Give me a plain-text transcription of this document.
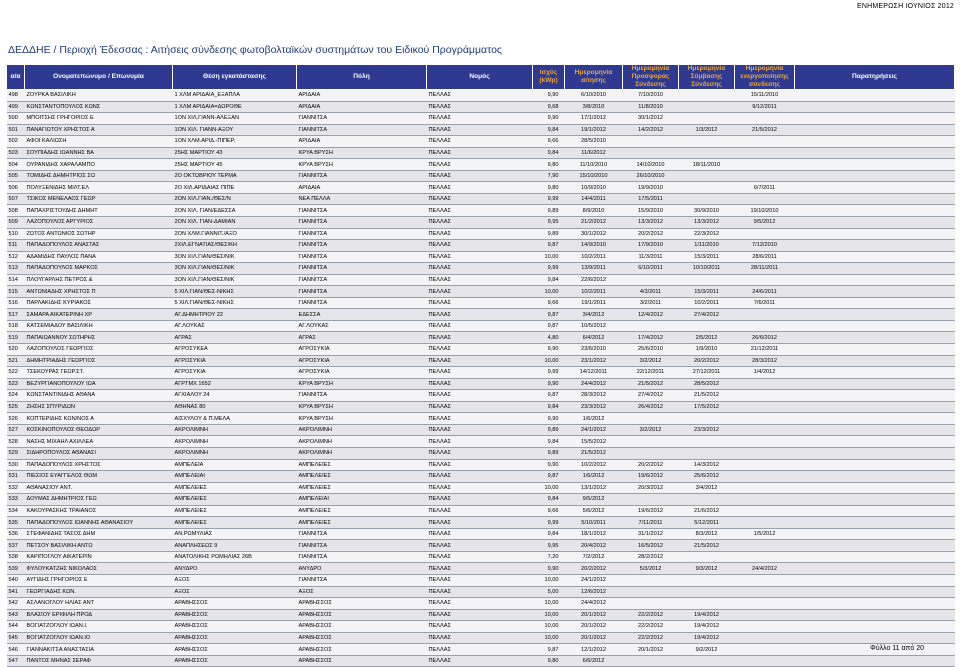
ΕΝΗΜΕΡΩΣΗ ΙΟΥΝΙΟΣ 2012
ΔΕΔΔΗΕ / Περιοχή Έδεσσας : Αιτήσεις σύνδεσης φωτοβολταϊκών συστημάτων του Ειδικού Προγράμματος
α/α	Ονοματεπώνυμο / Επωνυμία	Θέση εγκατάστασης	Πόλη	Νομός	Ισχύς (kWp)	Ημερομηνία αίτησης	Ημερομηνία Προσφοράς Σύνδεσης	Ημερομηνία Σύμβασης Σύνδεσης	Ημερομηνία ενεργοποίησης σύνδεσης	Παρατηρήσεις
498	ΖΟΥΡΚΑ ΒΑΣΙΛΙΚΗ	1 ΧΛΜ ΑΡΙΔΑΙΑ_ΕΞΑΠΛΑ	ΑΡΙΔΑΙΑ	ΠΕΛΛΑΣ	9,90	6/10/2010	7/10/2010		15/11/2010	
499	ΚΩΝΣΤΑΝΤΟΠΟΥΛΟΣ ΚΩΝΣ	1 ΧΛΜ ΑΡΙΔΑΙΑ=ΔΩΡΟΘΕ	ΑΡΙΔΑΙΑ	ΠΕΛΛΑΣ	9,68	3/8/2010	11/8/2010		9/12/2011	
500	ΜΠΟΙΤΣΗΣ ΓΡΗΓΟΡΙΟΣ Ε	1ΟΝ ΧΙΛ.ΓΙΑΝΝ-ΑΛΕΞΑΝ	ΓΙΑΝΝΙΤΣΑ	ΠΕΛΛΑΣ	9,90	17/1/2012	30/1/2012			
501	ΠΑΝΑΓΙΩΤΟΥ ΧΡΗΣΤΟΣ Α	1ΟΝ ΧΙΛ. ΓΙΑΝΝ-ΑΞΟΥ	ΓΙΑΝΝΙΤΣΑ	ΠΕΛΛΑΣ	9,84	19/1/2012	14/2/2012	1/3/2012	21/5/2012	
502	ΑΦΟΙ ΚΑΛΙΩΣΗ	1ΟΝ ΧΛΜ.ΑΡΙΔ.-ΠΙΠΕΡ.	ΑΡΙΔΑΙΑ	ΠΕΛΛΑΣ	9,66	28/5/2010				
503	ΣΟΥΠΙΑΔΗΣ ΙΩΑΝΝΗΣ ΒΑ	25ΗΣ ΜΑΡΤΙΟΥ 43	ΚΡΥΑ ΒΡΥΣΗ	ΠΕΛΛΑΣ	9,84	11/6/2012				
504	ΟΥΡΑΝΙΔΗΣ ΧΑΡΑΛΑΜΠΟ	25ΗΣ ΜΑΡΤΙΟΥ 45	ΚΡΥΑ ΒΡΥΣΗ	ΠΕΛΛΑΣ	9,80	11/10/2010	14/10/2010	18/11/2010		
505	ΤΟΜΙΔΗΣ ΔΗΜΗΤΡΙΟΣ ΣΩ	2Ο ΟΚΤΩΒΡΙΟΥ ΤΕΡΜΑ	ΓΙΑΝΝΙΤΣΑ	ΠΕΛΛΑΣ	7,90	15/10/2010	26/10/2010			
506	ΠΟΛΥΞΕΝΙΔΗΣ ΜΙΛΤ.ΕΛ	2Ο ΧΙΛ.ΑΡΙΔΑΙΑΣ ΠΙΠΕ	ΑΡΙΔΑΙΑ	ΠΕΛΛΑΣ	9,80	10/9/2010	19/9/2010		6/7/2011	
507	ΤΣΙΚΟΣ ΜΕΝΕΛΑΟΣ ΓΕΩΡ	2ΟΝ ΧΙΛ.ΓΙΑΝ./ΘΕΣ/Ν	ΝΕΑ ΠΕΛΛΑ	ΠΕΛΛΑΣ	9,99	14/4/2011	17/5/2011			
508	ΠΑΠΑΧΡΙΣΤΟΥΔΗΣ ΔΗΜΗΤ	2ΟΝ ΧΙΛ. ΓΙΑΝ/ΕΔΕΣΣΑ	ΓΙΑΝΝΙΤΣΑ	ΠΕΛΛΑΣ	9,89	8/9/2010	15/9/2010	30/9/2010	19/10/2010	
509	ΛΑΖΟΠΟΥΛΟΣ ΑΡΓΥΡΙΟΣ	2ΟΝ ΧΙΛ. ΓΙΑΝ-ΔΑΜΙΑΝ	ΓΙΑΝΝΙΤΣΑ	ΠΕΛΛΑΣ	9,95	21/2/2012	13/3/2012	13/3/2012	9/5/2012	
510	ΖΩΤΟΣ ΑΝΤΩΝΙΟΣ ΣΩΤΗΡ	2ΟΝ ΧΛΜ.ΓΙΑΝΝΙΤ./ΑΞΟ	ΓΙΑΝΝΙΤΣΑ	ΠΕΛΛΑΣ	9,89	30/1/2012	20/2/2012	22/3/2012		
511	ΠΑΠΑΔΟΠΟΥΛΟΣ ΑΝΑΣΤΑΣ	2ΧΙΛ.ΕΓΝΑΤΙΑΣ/ΘΕΣ/ΚΗ	ΓΙΑΝΝΙΤΣΑ	ΠΕΛΛΑΣ	9,87	14/9/2010	17/9/2010	1/11/2010	7/12/2010	
512	ΑΔΑΜΙΔΗΣ ΠΑΥΛΟΣ ΠΑΝΑ	3ΟΝ ΧΙΛ.ΓΙΑΝ/ΘΕΣ/ΝΙΚ	ΓΙΑΝΝΙΤΣΑ	ΠΕΛΛΑΣ	10,00	10/2/2011	11/3/2011	15/3/2011	28/6/2011	
513	ΠΑΠΑΔΟΠΟΥΛΟΣ ΜΑΡΚΟΣ	3ΟΝ ΧΙΛ.ΓΙΑΝ/ΘΕΣ/ΝΙΚ	ΓΙΑΝΝΙΤΣΑ	ΠΕΛΛΑΣ	9,99	13/9/2011	6/10/2011	10/10/2011	28/11/2011	
514	ΠΛΟΥΓΑΡΛΗΣ ΠΕΤΡΟΣ &	3ΟΝ ΧΙΛ.ΓΙΑΝ/ΘΕΣ/ΝΙΚ	ΓΙΑΝΝΙΤΣΑ	ΠΕΛΛΑΣ	9,84	22/6/2012				
515	ΑΝΤΩΝΙΑΔΗΣ ΧΡΗΣΤΟΣ Π	5 ΧΙΛ.ΓΙΑΝ/ΘΕΣ-ΝΙΚΗΣ	ΓΙΑΝΝΙΤΣΑ	ΠΕΛΛΑΣ	10,00	10/2/2011	4/3/2011	15/3/2011	24/6/2011	
516	ΠΑΡΛΑΚΙΔΗΣ ΚΥΡΙΑΚΟΣ	5 ΧΙΛ.ΓΙΑΝ/ΘΕΣ-ΝΙΚΗΣ	ΓΙΑΝΝΙΤΣΑ	ΠΕΛΛΑΣ	9,66	19/1/2011	3/2/2011	10/2/2011	7/6/2011	
517	ΣΑΜΑΡΑ ΑΙΚΑΤΕΡΙΝΗ ΧΡ	ΑΓ.ΔΗΜΗΤΡΙΟΥ 22	ΕΔΕΣΣΑ	ΠΕΛΛΑΣ	9,87	3/4/2012	12/4/2012	27/4/2012		
518	ΚΑΤΣΕΜΙΑΔΟΥ ΒΑΣΙΛΙΚΗ	ΑΓ.ΛΟΥΚΑΣ	ΑΓ.ΛΟΥΚΑΣ	ΠΕΛΛΑΣ	9,87	10/5/2012				
519	ΠΑΠΑΙΩΑΝΝΟΥ ΣΩΤΗΡΗΣ	ΑΓΡΑΣ	ΑΓΡΑΣ	ΠΕΛΛΑΣ	4,80	6/4/2012	17/4/2012	2/5/2012	26/6/2012	
520	ΛΑΖΟΠΟΥΛΟΣ ΓΕΩΡΓΙΟΣ	ΑΓΡΟΣΥΚΕΑ	ΑΓΡΟΣΥΚΙΑ	ΠΕΛΛΑΣ	9,90	23/6/2010	25/6/2010	1/9/2010	21/12/2011	
521	ΔΗΜΗΤΡΙΑΔΗΣ ΓΕΩΡΓΙΟΣ	ΑΓΡΟΣΥΚΙΑ	ΑΓΡΟΣΥΚΙΑ	ΠΕΛΛΑΣ	10,00	23/1/2012	3/2/2012	20/2/2012	28/3/2012	
522	ΤΣΕΚΟΥΡΑΣ ΓΕΩΡ.ΣΤ.	ΑΓΡΟΣΥΚΙΑ	ΑΓΡΟΣΥΚΙΑ	ΠΕΛΛΑΣ	9,99	14/12/2011	22/12/2011	27/12/2011	1/4/2012	
523	ΒΕΖΥΡΓΙΑΝΟΠΟΥΛΟΥ ΙΩΑ	ΑΓΡΤΜΧ 1652	ΚΡΥΑ ΒΡΥΣΗ	ΠΕΛΛΑΣ	9,90	24/4/2012	21/5/2012	28/5/2012		
524	ΚΩΝΣΤΑΝΤΙΝΙΔΗΣ ΑΘΑΝΑ	ΑΓΧΙΑΛΟΥ 24	ΓΙΑΝΝΙΤΣΑ	ΠΕΛΛΑΣ	9,87	28/3/2012	27/4/2012	21/5/2012		
525	ΖΗΣΗΣ ΣΠΥΡΙΔΩΝ	ΑΘΗΝΑΣ 80	ΚΡΥΑ ΒΡΥΣΗ	ΠΕΛΛΑΣ	9,84	23/3/2012	26/4/2012	17/5/2012		
526	ΚΟΠΤΕΡΙΔΗΣ ΚΩΝ/ΝΟΣ Α	ΑΙΣΧΥΛΟΥ & Π.ΜΕΛΑ	ΚΡΥΑ ΒΡΥΣΗ	ΠΕΛΛΑΣ	9,90	1/6/2012				
527	ΚΟΣΚΙΝΟΠΟΥΛΟΣ ΘΕΟΔΩΡ	ΑΚΡΟΛΙΜΝΗ	ΑΚΡΟΛΙΜΝΗ	ΠΕΛΛΑΣ	9,89	24/1/2012	3/2/2012	23/3/2012		
528	ΝΑΣΗΣ ΜΙΧΑΗΛ ΑΧΙΛΛΕΑ	ΑΚΡΟΛΙΜΝΗ	ΑΚΡΟΛΙΜΝΗ	ΠΕΛΛΑΣ	9,84	15/5/2012				
529	ΣΙΔΗΡΟΠΟΥΛΟΣ ΑΘΑΝΑΣΙ	ΑΚΡΟΛΙΜΝΗ	ΑΚΡΟΛΙΜΝΗ	ΠΕΛΛΑΣ	9,89	21/5/2012				
530	ΠΑΠΑΔΟΠΟΥΛΟΣ ΧΡΗΣΤΟΣ	ΑΜΠΕΛΕΙΑ	ΑΜΠΕΛΕΙΕΣ	ΠΕΛΛΑΣ	9,90	10/2/2012	20/2/2012	14/3/2012		
531	ΠΙΕΣΙΟΣ ΕΥΑΓΓΕΛΟΣ ΘΩΜ	ΑΜΠΕΛΕΙΑΙ	ΑΜΠΕΛΕΙΕΣ	ΠΕΛΛΑΣ	9,87	1/6/2012	19/6/2012	25/6/2012		
532	ΑΘΑΝΑΣΙΟΥ ΑΝΤ.	ΑΜΠΕΛΕΙΕΣ	ΑΜΠΕΛΕΙΕΣ	ΠΕΛΛΑΣ	10,00	13/1/2012	20/3/2012	3/4/2012		
533	ΔΟΥΜΑΣ ΔΗΜΗΤΡΙΟΣ ΓΕΩ	ΑΜΠΕΛΕΙΕΣ	ΑΜΠΕΛΕΙΑΙ	ΠΕΛΛΑΣ	9,84	9/5/2012				
534	ΚΑΚΟΥΡΑΣΚΗΣ ΤΡΑΙΑΝΟΣ	ΑΜΠΕΛΕΙΕΣ	ΑΜΠΕΛΕΙΕΣ	ΠΕΛΛΑΣ	9,66	5/6/2012	19/6/2012	21/6/2012		
535	ΠΑΠΑΔΟΠΟΥΛΟΣ ΙΩΑΝΝΗΣ ΑΘΑΝΑΣΙΟΥ	ΑΜΠΕΛΕΙΕΣ	ΑΜΠΕΛΕΙΕΣ	ΠΕΛΛΑΣ	9,99	5/10/2011	7/11/2011	5/12/2011		
536	ΣΤΕΦΑΝΙΔΗΣ ΤΑΣΟΣ ΔΗΜ	ΑΝ.ΡΩΜΥΛΙΑΣ	ΓΙΑΝΝΙΤΣΑ	ΠΕΛΛΑΣ	9,84	18/1/2012	31/1/2012	8/3/2012	1/5/2012	
537	ΠΕΤΣΟΥ ΒΑΣΙΛΙΚΗ ΑΝΤΩ	ΑΝΑΠΛΗΣΕΩΣ 9	ΓΙΑΝΝΙΤΣΑ	ΠΕΛΛΑΣ	9,95	20/4/2012	16/5/2012	21/5/2012		
538	ΚΑΡΙΠΟΓΛΟΥ ΑΙΚΑΤΕΡΙΝ	ΑΝΑΤΟΛΙΚΗΣ ΡΩΜΗΛΙΑΣ 26Β	ΓΙΑΝΝΙΤΣΑ	ΠΕΛΛΑΣ	7,20	7/2/2012	28/2/2012			
539	ΦΥΛΟΥΚΑΤΖΗΣ ΝΙΚΟΛΑΟΣ	ΑΝΥΔΡΟ	ΑΝΥΔΡΟ	ΠΕΛΛΑΣ	9,90	20/2/2012	5/3/2012	9/3/2012	24/4/2012	
540	ΑΥΓΙΔΗΣ ΓΡΗΓΟΡΙΟΣ Ε	ΑΞΟΣ	ΓΙΑΝΝΙΤΣΑ	ΠΕΛΛΑΣ	10,00	24/1/2012				
541	ΓΕΩΡΓΙΑΔΗΣ ΚΩΝ.	ΑΞΟΣ	ΑΞΟΣ	ΠΕΛΛΑΣ	5,00	12/6/2012				
542	ΑΣΛΑΝΟΓΛΟΥ ΗΛΙΑΣ ΑΝΤ	ΑΡΑΒΗΣΣΟΣ	ΑΡΑΒΗΣΣΟΣ	ΠΕΛΛΑΣ	10,00	24/4/2012				
543	ΒΛΑΣΙΟΥ ΕΡΙΦΙΛΗ ΠΡΟΔ	ΑΡΑΒΗΣΣΟΣ	ΑΡΑΒΗΣΣΟΣ	ΠΕΛΛΑΣ	10,00	20/1/2012	22/2/2012	19/4/2012		
544	ΒΟΓΙΑΤΖΟΓΛΟΥ ΙΩΑΝ.Ι.	ΑΡΑΒΗΣΣΟΣ	ΑΡΑΒΗΣΣΟΣ	ΠΕΛΛΑΣ	10,00	20/1/2012	22/2/2012	19/4/2012		
545	ΒΟΓΙΑΤΖΟΓΛΟΥ ΙΩΑΝ.ΙΟ	ΑΡΑΒΗΣΣΟΣ	ΑΡΑΒΗΣΣΟΣ	ΠΕΛΛΑΣ	10,00	20/1/2012	22/2/2012	19/4/2012		
546	ΓΙΑΝΝΑΚΙΤΣΑ ΑΝΑΣΤΑΣΙΑ	ΑΡΑΒΗΣΣΟΣ	ΑΡΑΒΗΣΣΟΣ	ΠΕΛΛΑΣ	9,87	12/1/2012	20/1/2012	9/2/2012		
547	ΠΑΝΤΟΣ ΜΗΝΑΣ ΣΕΡΑΦ	ΑΡΑΒΗΣΣΟΣ	ΑΡΑΒΗΣΣΟΣ	ΠΕΛΛΑΣ	9,80	6/6/2012				
Φύλλο 11 από 20
